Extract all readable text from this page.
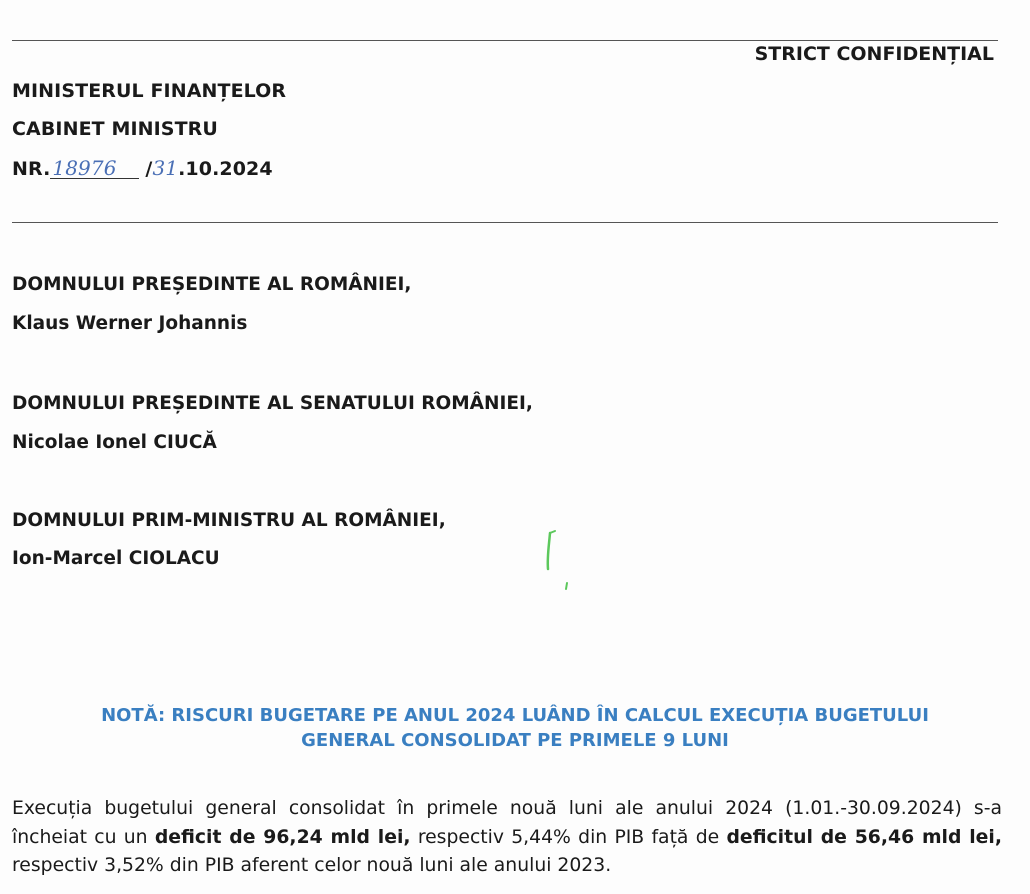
STRICT CONFIDENȚIAL
MINISTERUL FINANȚELOR
CABINET MINISTRU
NR. 18976 /31.10.2024
DOMNULUI PREȘEDINTE AL ROMÂNIEI,
Klaus Werner Johannis
DOMNULUI PREȘEDINTE AL SENATULUI ROMÂNIEI,
Nicolae Ionel CIUCĂ
DOMNULUI PRIM-MINISTRU AL ROMÂNIEI,
Ion-Marcel CIOLACU
NOTĂ: RISCURI BUGETARE PE ANUL 2024 LUÂND ÎN CALCUL EXECUȚIA BUGETULUI
GENERAL CONSOLIDAT PE PRIMELE 9 LUNI
Execuția bugetului general consolidat în primele nouă luni ale anului 2024 (1.01.-30.09.2024) s-a încheiat cu un deficit de 96,24 mld lei, respectiv 5,44% din PIB față de deficitul de 56,46 mld lei, respectiv 3,52% din PIB aferent celor nouă luni ale anului 2023.
